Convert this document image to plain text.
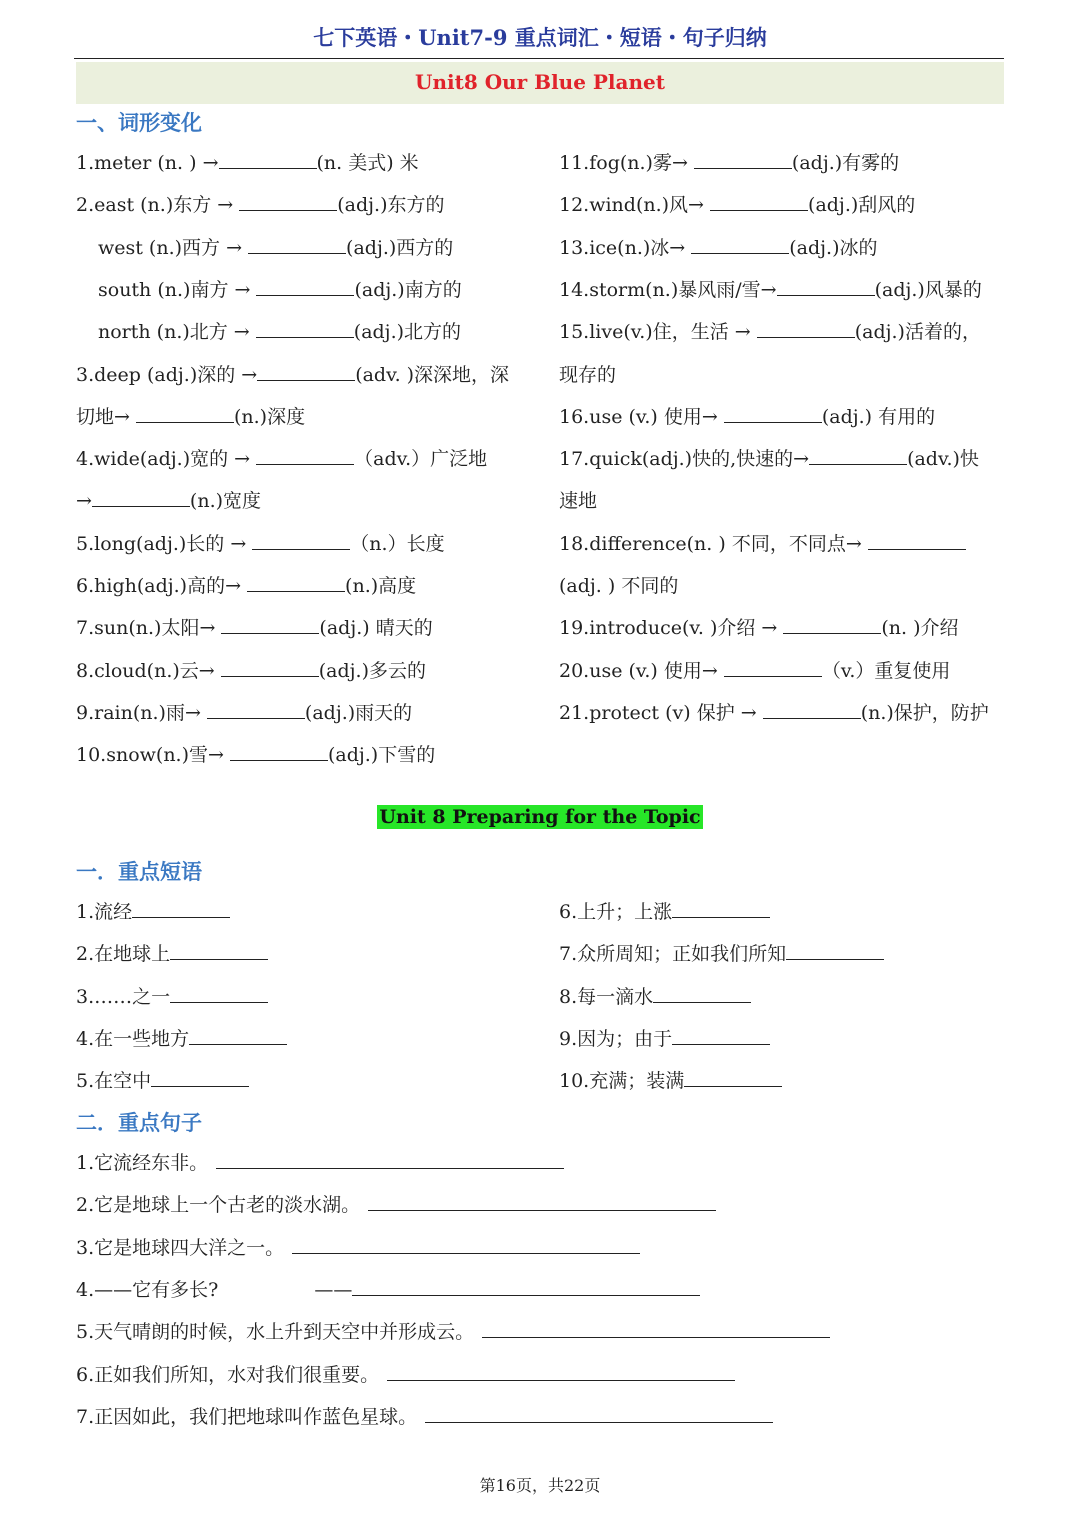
七下英语・Unit7-9 重点词汇・短语・句子归纳
Unit8 Our Blue Planet
一、词形变化
1.meter (n. ) →	(n. 美式) 米
2.east (n.)东方 →	(adj.)东方的
west (n.)西方 →	(adj.)西方的
south (n.)南方 →	(adj.)南方的
north (n.)北方 →	(adj.)北方的
3.deep (adj.)深的 →	(adv. )深深地，深
切地→	(n.)深度
4.wide(adj.)宽的 →	（adv.）广泛地
→	(n.)宽度
5.long(adj.)长的 →	（n.）长度
6.high(adj.)高的→	(n.)高度
7.sun(n.)太阳→	(adj.) 晴天的
8.cloud(n.)云→	(adj.)多云的
9.rain(n.)雨→	(adj.)雨天的
10.snow(n.)雪→	(adj.)下雪的
11.fog(n.)雾→	(adj.)有雾的
12.wind(n.)风→	(adj.)刮风的
13.ice(n.)冰→	(adj.)冰的
14.storm(n.)暴风雨/雪→	(adj.)风暴的
15.live(v.)住，生活 →	(adj.)活着的，
现存的
16.use (v.) 使用→	(adj.) 有用的
17.quick(adj.)快的,快速的→	(adv.)快
速地
18.difference(n. ) 不同，不同点→
(adj. ) 不同的
19.introduce(v. )介绍 →	(n. )介绍
20.use (v.) 使用→	（v.）重复使用
21.protect (v) 保护 →	(n.)保护，防护
Unit 8 Preparing for the Topic
一．重点短语
1.流经
2.在地球上
3.……之一
4.在一些地方
5.在空中
6.上升；上涨
7.众所周知；正如我们所知
8.每一滴水
9.因为；由于
10.充满；装满
二．重点句子
1.它流经东非。
2.它是地球上一个古老的淡水湖。
3.它是地球四大洋之一。
4.——它有多长?	——
5.天气晴朗的时候，水上升到天空中并形成云。
6.正如我们所知，水对我们很重要。
7.正因如此，我们把地球叫作蓝色星球。
第16页，共22页
